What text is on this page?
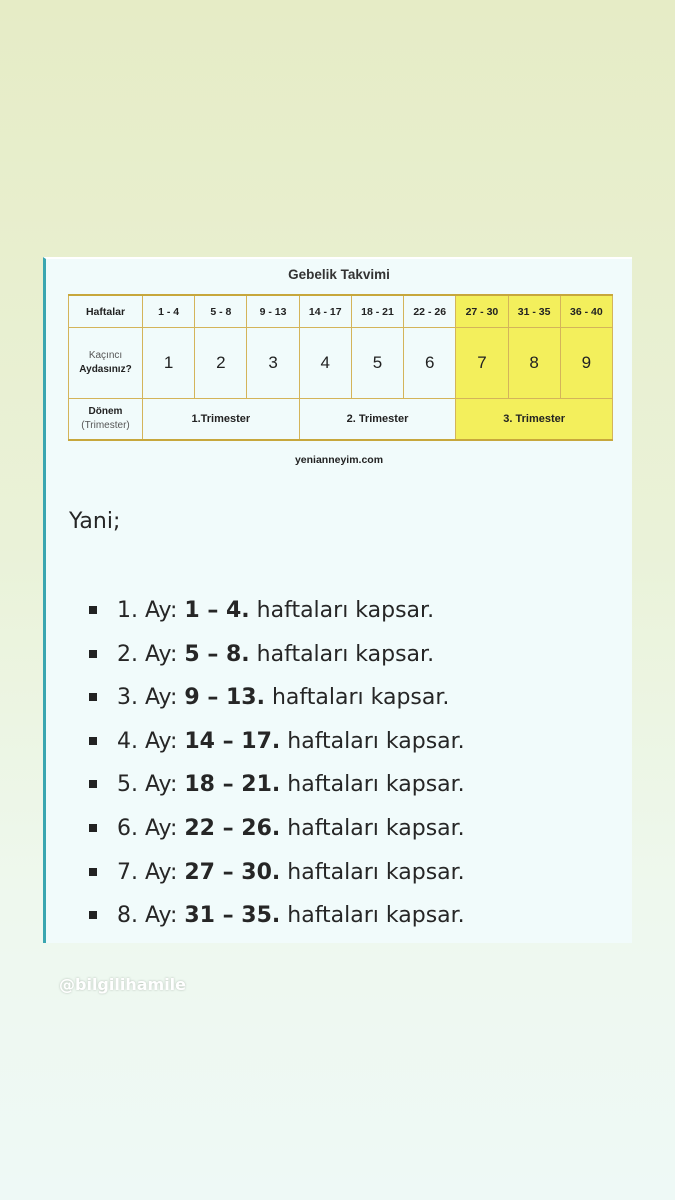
Gebelik Takvimi
Haftalar	1 - 4	5 - 8	9 - 13	14 - 17	18 - 21	22 - 26	27 - 30	31 - 35	36 - 40
Kaçıncı
Aydasınız?	1	2	3	4	5	6	7	8	9
Dönem
(Trimester)	1.Trimester			2. Trimester			3. Trimester		
yenianneyim.com
Yani;
1. Ay: 1 – 4. haftaları kapsar.
2. Ay: 5 – 8. haftaları kapsar.
3. Ay: 9 – 13. haftaları kapsar.
4. Ay: 14 – 17. haftaları kapsar.
5. Ay: 18 – 21. haftaları kapsar.
6. Ay: 22 – 26. haftaları kapsar.
7. Ay: 27 – 30. haftaları kapsar.
8. Ay: 31 – 35. haftaları kapsar.
@bilgilihamile
